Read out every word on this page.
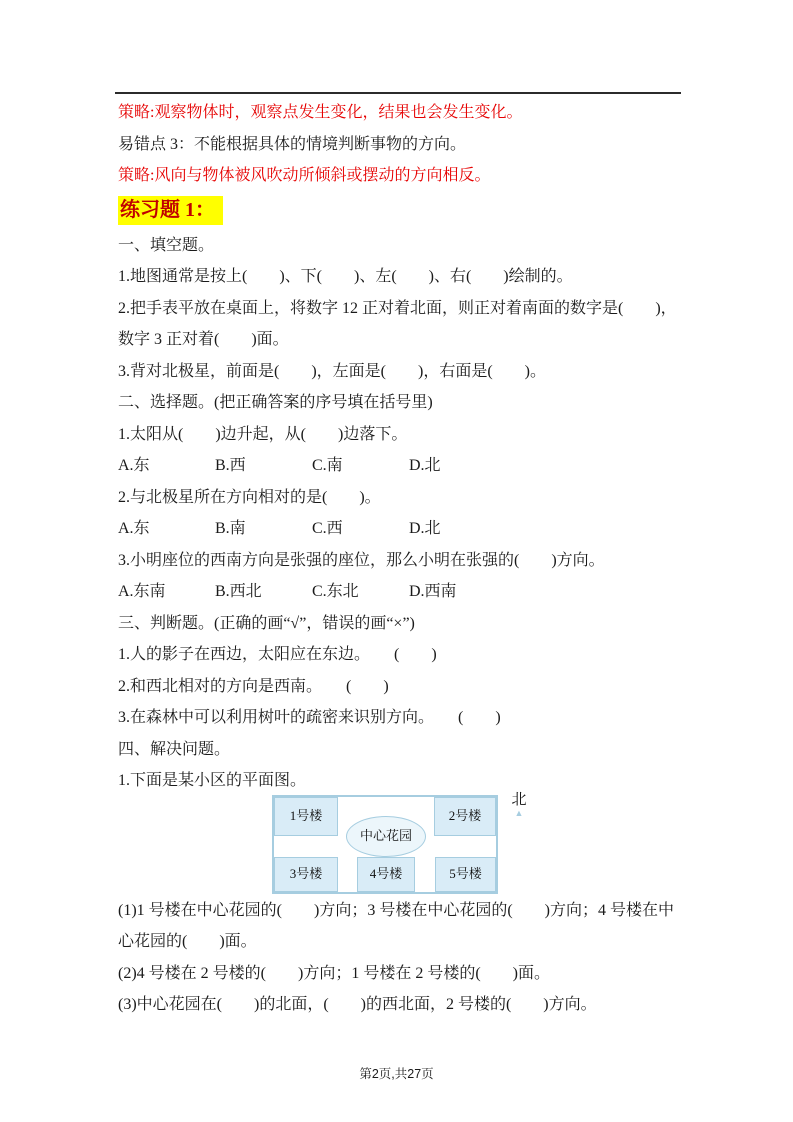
策略:观察物体时，观察点发生变化，结果也会发生变化。
易错点 3：不能根据具体的情境判断事物的方向。
策略:风向与物体被风吹动所倾斜或摆动的方向相反。
练习题 1：
一、填空题。
1.地图通常是按上(　　)、下(　　)、左(　　)、右(　　)绘制的。
2.把手表平放在桌面上，将数字 12 正对着北面，则正对着南面的数字是(　　)，
数字 3 正对着(　　)面。
3.背对北极星，前面是(　　)，左面是(　　)，右面是(　　)。
二、选择题。(把正确答案的序号填在括号里)
1.太阳从(　　)边升起，从(　　)边落下。
A.东	B.西	C.南	D.北
2.与北极星所在方向相对的是(　　)。
A.东	B.南	C.西	D.北
3.小明座位的西南方向是张强的座位，那么小明在张强的(　　)方向。
A.东南	B.西北	C.东北	D.西南
三、判断题。(正确的画“√”，错误的画“×”)
1.人的影子在西边，太阳应在东边。　　(　　)
2.和西北相对的方向是西南。　　(　　)
3.在森林中可以利用树叶的疏密来识别方向。　　(　　)
四、解决问题。
1.下面是某小区的平面图。
1号楼	2号楼
中心花园
3号楼	4号楼	5号楼
北
▲
(1)1 号楼在中心花园的(　　)方向；3 号楼在中心花园的(　　)方向；4 号楼在中
心花园的(　　)面。
(2)4 号楼在 2 号楼的(　　)方向；1 号楼在 2 号楼的(　　)面。
(3)中心花园在(　　)的北面，(　　)的西北面，2 号楼的(　　)方向。
第2页,共27页
